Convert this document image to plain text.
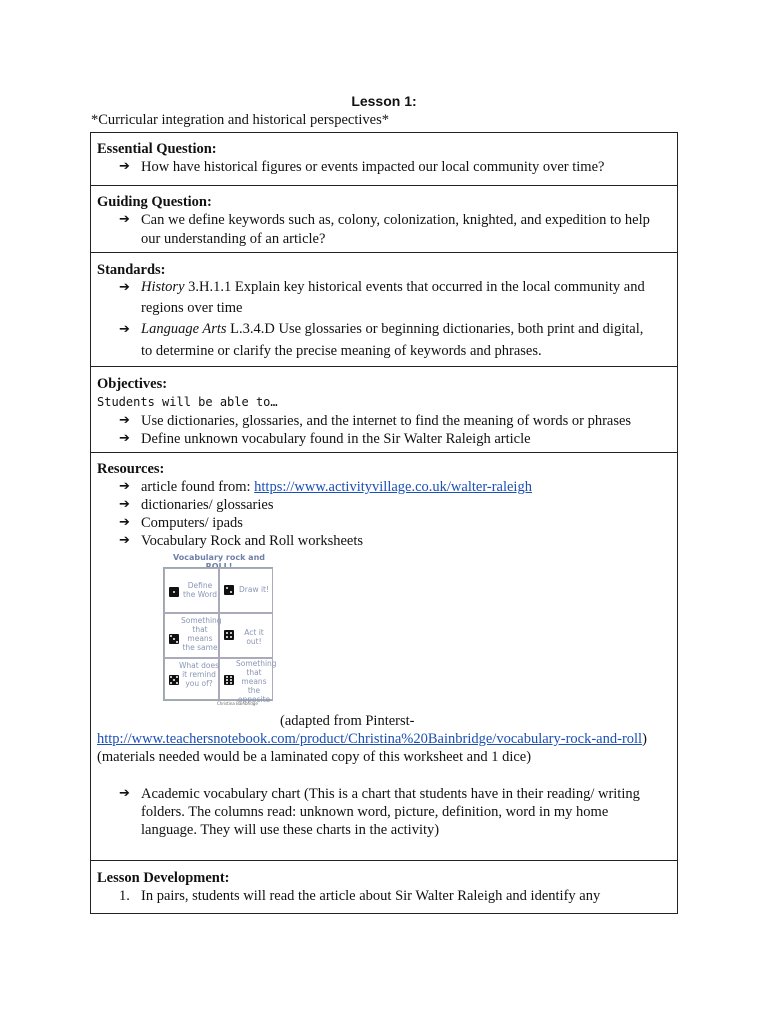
Lesson 1:
*Curricular integration and historical perspectives*
Essential Question:
➔ How have historical figures or events impacted our local community over time?
Guiding Question:
➔ Can we define keywords such as, colony, colonization, knighted, and expedition to help
our understanding of an article?
Standards:
➔ History 3.H.1.1 Explain key historical events that occurred in the local community and
regions over time
➔ Language Arts L.3.4.D Use glossaries or beginning dictionaries, both print and digital,
to determine or clarify the precise meaning of keywords and phrases.
Objectives:
Students will be able to…
➔ Use dictionaries, glossaries, and the internet to find the meaning of words or phrases
➔ Define unknown vocabulary found in the Sir Walter Raleigh article
Resources:
➔ article found from: https://www.activityvillage.co.uk/walter-raleigh
➔ dictionaries/ glossaries
➔ Computers/ ipads
➔ Vocabulary Rock and Roll worksheets
Vocabulary rock and ROLL!
Define the Word
Draw it!
Something that means the same
Act it out!
What does it remind you of?
Something that means the opposite
Christina Bainbridge
(adapted from Pinterst-
http://www.teachersnotebook.com/product/Christina%20Bainbridge/vocabulary-rock-and-roll)
(materials needed would be a laminated copy of this worksheet and 1 dice)
➔ Academic vocabulary chart (This is a chart that students have in their reading/ writing
folders. The columns read: unknown word, picture, definition, word in my home
language. They will use these charts in the activity)
Lesson Development:
1. In pairs, students will read the article about Sir Walter Raleigh and identify any
